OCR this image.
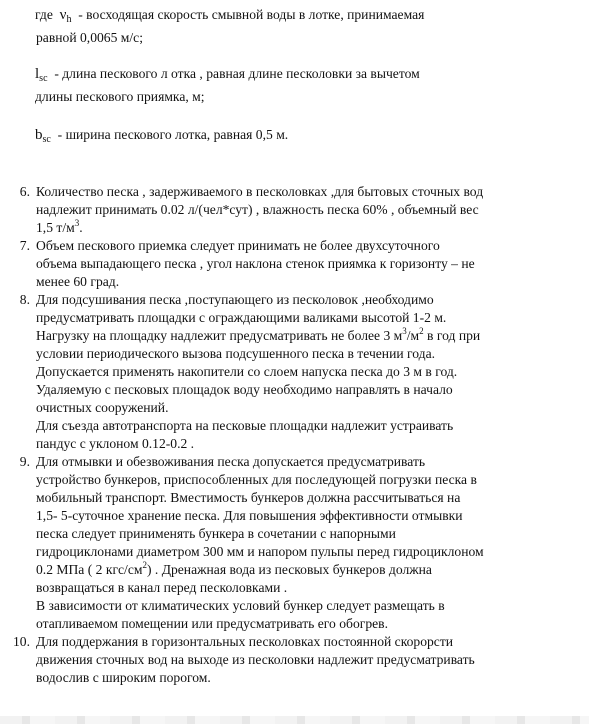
где $\nu_h$ - восходящая скорость смывной воды в лотке, принимаемая
равной 0,0065 м/с;
$l_{sc}$ - длина пескового л отка , равная длине песколовки за вычетом
длины пескового приямка, м;
$b_{sc}$ - ширина пескового лотка, равная 0,5 м.
6. Количество песка , задерживаемого в песколовках ,для бытовых сточных вод
надлежит принимать 0.02 л/(чел*сут) , влажность песка 60% , объемный вес
1,5 $т/м^3$.
7. Объем пескового приемка следует принимать не более двухсуточного
объема выпадающего песка , угол наклона стенок приямка к горизонту – не
менее 60 град.
8. Для подсушивания песка ,поступающего из песколовок ,необходимо
предусматривать площадки с ограждающими валиками высотой 1-2 м.
Нагрузку на площадку надлежит предусматривать не более 3 $м^3/м^2$ в год при
условии периодического вызова подсушенного песка в течении года.
Допускается применять накопители со слоем напуска песка до 3 м в год.
Удаляемую с песковых площадок воду необходимо направлять в начало
очистных сооружений.
Для съезда автотранспорта на песковые площадки надлежит устраивать
пандус с уклоном 0.12-0.2 .
9. Для отмывки и обезвоживания песка допускается предусматривать
устройство бункеров, приспособленных для последующей погрузки песка в
мобильный транспорт. Вместимость бункеров должна рассчитываться на
1,5- 5-суточное хранение песка. Для повышения эффективности отмывки
песка следует принименять бункера в сочетании с напорными
гидроциклонами диаметром 300 мм и напором пульпы перед гидроциклоном
0.2 МПа ( 2 кгс/$см^2$) . Дренажная вода из песковых бункеров должна
возвращаться в канал перед песколовками .
В зависимости от климатических условий бункер следует размещать в
отапливаемом помещении или предусматривать его обогрев.
10. Для поддержания в горизонтальных песколовках постоянной скорорсти
движения сточных вод на выходе из песколовки надлежит предусматривать
водослив с широким порогом.
